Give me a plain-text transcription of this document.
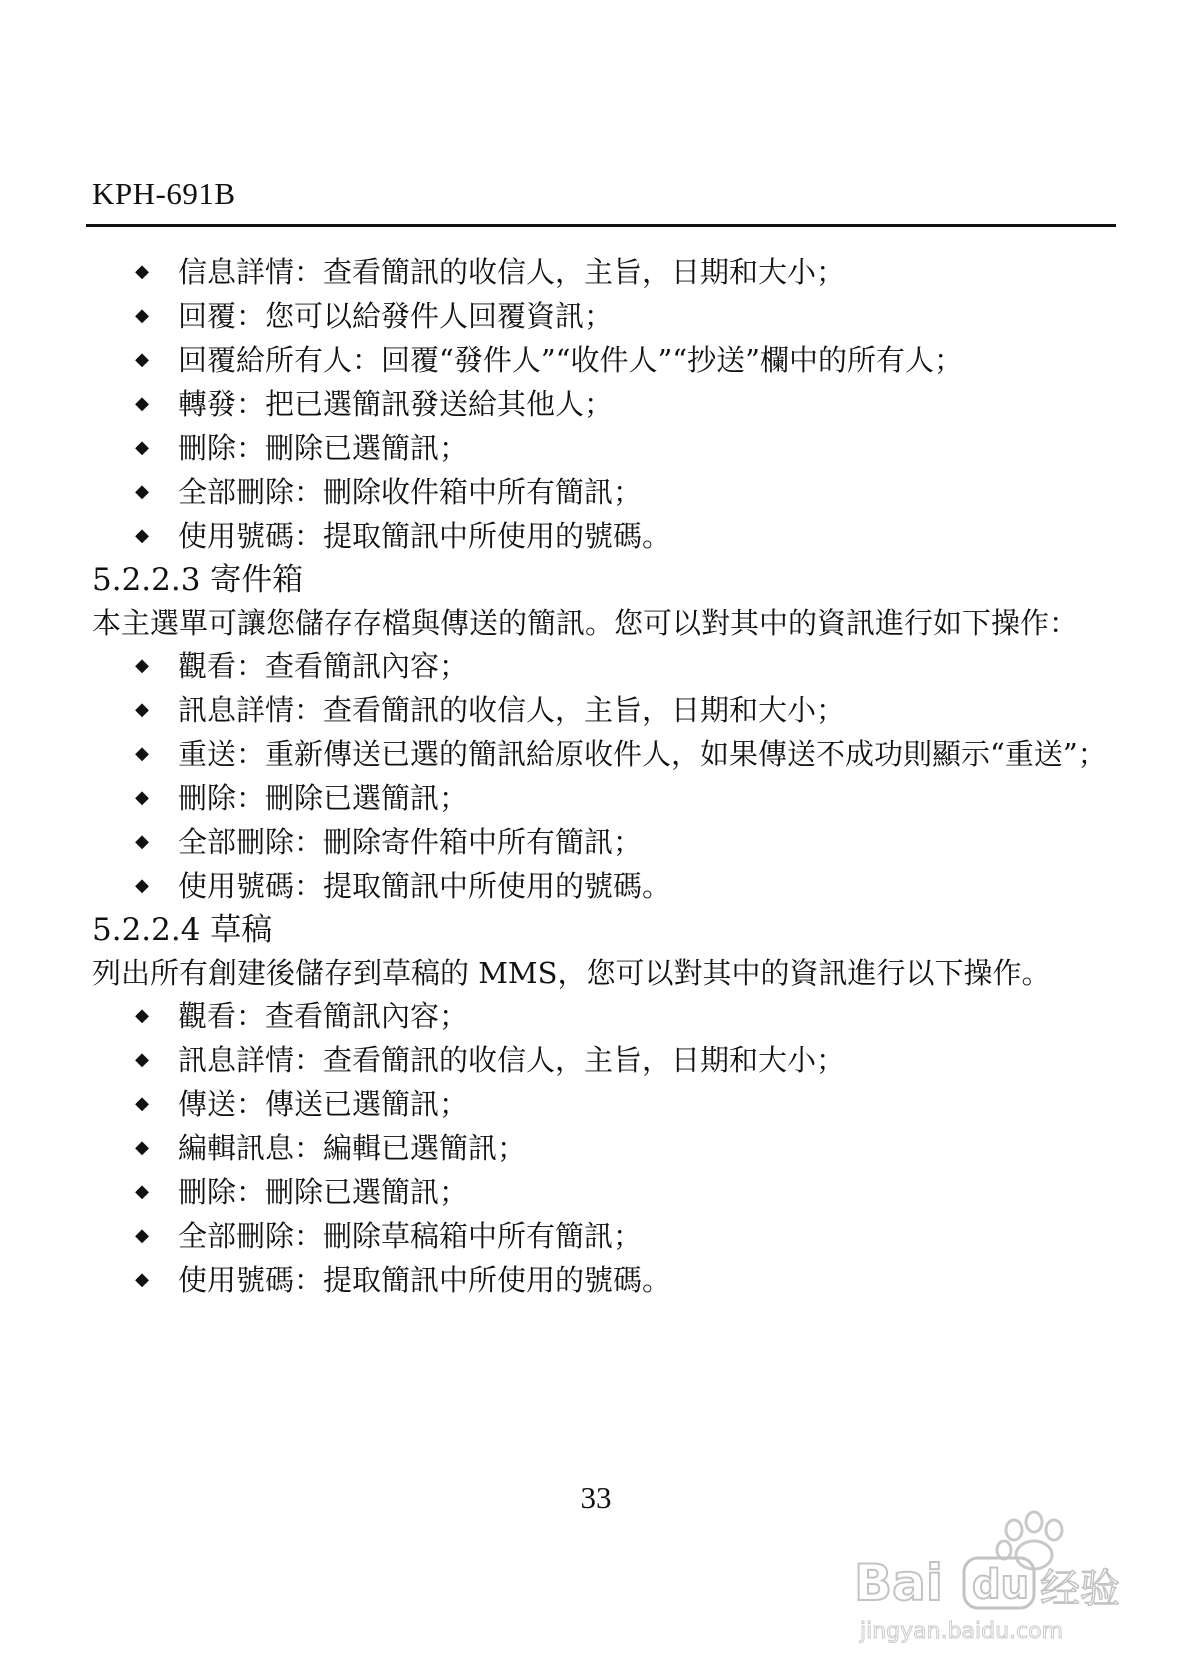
KPH-691B
◆ 信息詳情：查看簡訊的收信人，主旨，日期和大小；
◆ 回覆：您可以給發件人回覆資訊；
◆ 回覆給所有人：回覆“發件人”“收件人”“抄送”欄中的所有人；
◆ 轉發：把已選簡訊發送給其他人；
◆ 刪除：刪除已選簡訊；
◆ 全部刪除：刪除收件箱中所有簡訊；
◆ 使用號碼：提取簡訊中所使用的號碼。
5.2.2.3 寄件箱

本主選單可讓您儲存存檔與傳送的簡訊。您可以對其中的資訊進行如下操作：

◆ 觀看：查看簡訊內容；
◆ 訊息詳情：查看簡訊的收信人，主旨，日期和大小；
◆ 重送：重新傳送已選的簡訊給原收件人，如果傳送不成功則顯示“重送”；
◆ 刪除：刪除已選簡訊；
◆ 全部刪除：刪除寄件箱中所有簡訊；
◆ 使用號碼：提取簡訊中所使用的號碼。
5.2.2.4 草稿

列出所有創建後儲存到草稿的 MMS，您可以對其中的資訊進行以下操作。

◆ 觀看：查看簡訊內容；
◆ 訊息詳情：查看簡訊的收信人，主旨，日期和大小；
◆ 傳送：傳送已選簡訊；
◆ 編輯訊息：編輯已選簡訊；
◆ 刪除：刪除已選簡訊；
◆ 全部刪除：刪除草稿箱中所有簡訊；
◆ 使用號碼：提取簡訊中所使用的號碼。
33
Bai du 经验
jingyan.baidu.com
